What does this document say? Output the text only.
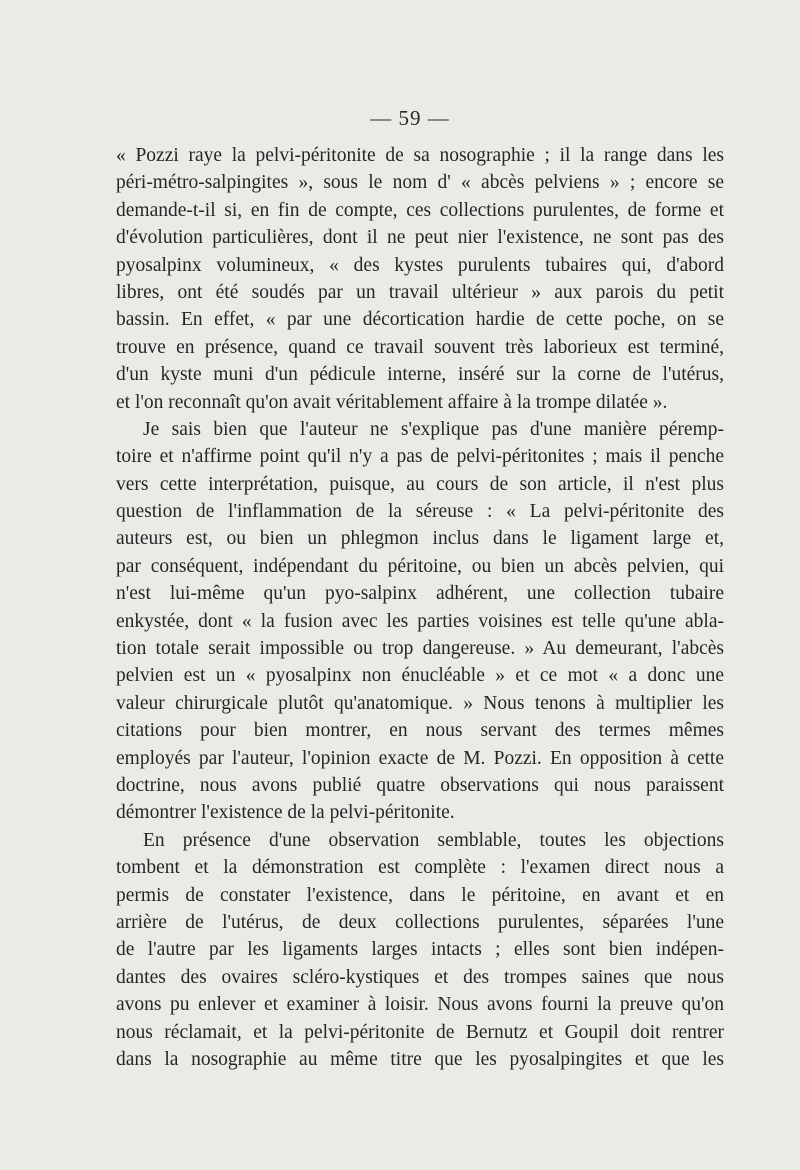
— 59 —
« Pozzi raye la pelvi-péritonite de sa nosographie ; il la range dans les
péri-métro-salpingites », sous le nom d' « abcès pelviens » ; encore se
demande-t-il si, en fin de compte, ces collections purulentes, de forme et
d'évolution particulières, dont il ne peut nier l'existence, ne sont pas des
pyosalpinx volumineux, « des kystes purulents tubaires qui, d'abord
libres, ont été soudés par un travail ultérieur » aux parois du petit
bassin. En effet, « par une décortication hardie de cette poche, on se
trouve en présence, quand ce travail souvent très laborieux est terminé,
d'un kyste muni d'un pédicule interne, inséré sur la corne de l'utérus,
et l'on reconnaît qu'on avait véritablement affaire à la trompe dilatée ».
Je sais bien que l'auteur ne s'explique pas d'une manière péremp-
toire et n'affirme point qu'il n'y a pas de pelvi-péritonites ; mais il penche
vers cette interprétation, puisque, au cours de son article, il n'est plus
question de l'inflammation de la séreuse : « La pelvi-péritonite des
auteurs est, ou bien un phlegmon inclus dans le ligament large et,
par conséquent, indépendant du péritoine, ou bien un abcès pelvien, qui
n'est lui-même qu'un pyo-salpinx adhérent, une collection tubaire
enkystée, dont « la fusion avec les parties voisines est telle qu'une abla-
tion totale serait impossible ou trop dangereuse. » Au demeurant, l'abcès
pelvien est un « pyosalpinx non énucléable » et ce mot « a donc une
valeur chirurgicale plutôt qu'anatomique. » Nous tenons à multiplier les
citations pour bien montrer, en nous servant des termes mêmes
employés par l'auteur, l'opinion exacte de M. Pozzi. En opposition à cette
doctrine, nous avons publié quatre observations qui nous paraissent
démontrer l'existence de la pelvi-péritonite.
En présence d'une observation semblable, toutes les objections
tombent et la démonstration est complète : l'examen direct nous a
permis de constater l'existence, dans le péritoine, en avant et en
arrière de l'utérus, de deux collections purulentes, séparées l'une
de l'autre par les ligaments larges intacts ; elles sont bien indépen-
dantes des ovaires scléro-kystiques et des trompes saines que nous
avons pu enlever et examiner à loisir. Nous avons fourni la preuve qu'on
nous réclamait, et la pelvi-péritonite de Bernutz et Goupil doit rentrer
dans la nosographie au même titre que les pyosalpingites et que les
